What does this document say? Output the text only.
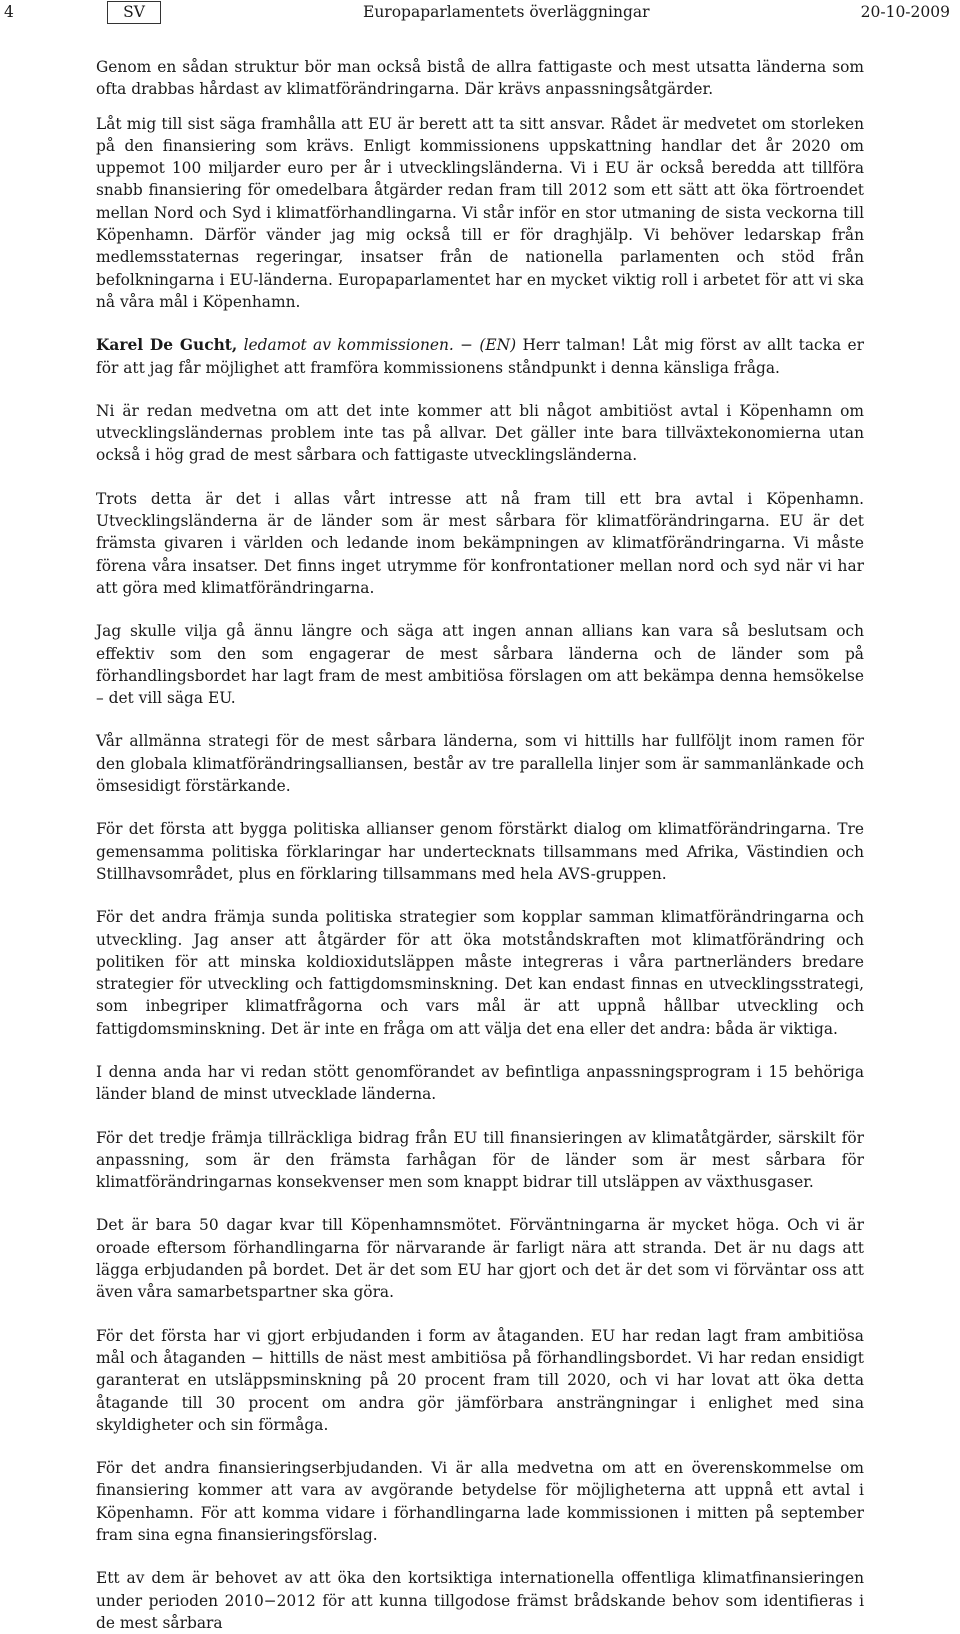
4	SV	Europaparlamentets överläggningar	20-10-2009

Genom en sådan struktur bör man också bistå de allra fattigaste och mest utsatta länderna som ofta drabbas hårdast av klimatförändringarna. Där krävs anpassningsåtgärder.

Låt mig till sist säga framhålla att EU är berett att ta sitt ansvar. Rådet är medvetet om storleken på den finansiering som krävs. Enligt kommissionens uppskattning handlar det år 2020 om uppemot 100 miljarder euro per år i utvecklingsländerna. Vi i EU är också beredda att tillföra snabb finansiering för omedelbara åtgärder redan fram till 2012 som ett sätt att öka förtroendet mellan Nord och Syd i klimatförhandlingarna. Vi står inför en stor utmaning de sista veckorna till Köpenhamn. Därför vänder jag mig också till er för draghjälp. Vi behöver ledarskap från medlemsstaternas regeringar, insatser från de nationella parlamenten och stöd från befolkningarna i EU-länderna. Europaparlamentet har en mycket viktig roll i arbetet för att vi ska nå våra mål i Köpenhamn.

Karel De Gucht, ledamot av kommissionen. − (EN) Herr talman! Låt mig först av allt tacka er för att jag får möjlighet att framföra kommissionens ståndpunkt i denna känsliga fråga.

Ni är redan medvetna om att det inte kommer att bli något ambitiöst avtal i Köpenhamn om utvecklingsländernas problem inte tas på allvar. Det gäller inte bara tillväxtekonomierna utan också i hög grad de mest sårbara och fattigaste utvecklingsländerna.

Trots detta är det i allas vårt intresse att nå fram till ett bra avtal i Köpenhamn. Utvecklingsländerna är de länder som är mest sårbara för klimatförändringarna. EU är det främsta givaren i världen och ledande inom bekämpningen av klimatförändringarna. Vi måste förena våra insatser. Det finns inget utrymme för konfrontationer mellan nord och syd när vi har att göra med klimatförändringarna.

Jag skulle vilja gå ännu längre och säga att ingen annan allians kan vara så beslutsam och effektiv som den som engagerar de mest sårbara länderna och de länder som på förhandlingsbordet har lagt fram de mest ambitiösa förslagen om att bekämpa denna hemsökelse – det vill säga EU.

Vår allmänna strategi för de mest sårbara länderna, som vi hittills har fullföljt inom ramen för den globala klimatförändringsalliansen, består av tre parallella linjer som är sammanlänkade och ömsesidigt förstärkande.

För det första att bygga politiska allianser genom förstärkt dialog om klimatförändringarna. Tre gemensamma politiska förklaringar har undertecknats tillsammans med Afrika, Västindien och Stillhavsområdet, plus en förklaring tillsammans med hela AVS-gruppen.

För det andra främja sunda politiska strategier som kopplar samman klimatförändringarna och utveckling. Jag anser att åtgärder för att öka motståndskraften mot klimatförändring och politiken för att minska koldioxidutsläppen måste integreras i våra partnerländers bredare strategier för utveckling och fattigdomsminskning. Det kan endast finnas en utvecklingsstrategi, som inbegriper klimatfrågorna och vars mål är att uppnå hållbar utveckling och fattigdomsminskning. Det är inte en fråga om att välja det ena eller det andra: båda är viktiga.

I denna anda har vi redan stött genomförandet av befintliga anpassningsprogram i 15 behöriga länder bland de minst utvecklade länderna.

För det tredje främja tillräckliga bidrag från EU till finansieringen av klimatåtgärder, särskilt för anpassning, som är den främsta farhågan för de länder som är mest sårbara för klimatförändringarnas konsekvenser men som knappt bidrar till utsläppen av växthusgaser.

Det är bara 50 dagar kvar till Köpenhamnsmötet. Förväntningarna är mycket höga. Och vi är oroade eftersom förhandlingarna för närvarande är farligt nära att stranda. Det är nu dags att lägga erbjudanden på bordet. Det är det som EU har gjort och det är det som vi förväntar oss att även våra samarbetspartner ska göra.

För det första har vi gjort erbjudanden i form av åtaganden. EU har redan lagt fram ambitiösa mål och åtaganden − hittills de näst mest ambitiösa på förhandlingsbordet. Vi har redan ensidigt garanterat en utsläppsminskning på 20 procent fram till 2020, och vi har lovat att öka detta åtagande till 30 procent om andra gör jämförbara ansträngningar i enlighet med sina skyldigheter och sin förmåga.

För det andra finansieringserbjudanden. Vi är alla medvetna om att en överenskommelse om finansiering kommer att vara av avgörande betydelse för möjligheterna att uppnå ett avtal i Köpenhamn. För att komma vidare i förhandlingarna lade kommissionen i mitten på september fram sina egna finansieringsförslag.

Ett av dem är behovet av att öka den kortsiktiga internationella offentliga klimatfinansieringen under perioden 2010−2012 för att kunna tillgodose främst brådskande behov som identifieras i de mest sårbara
